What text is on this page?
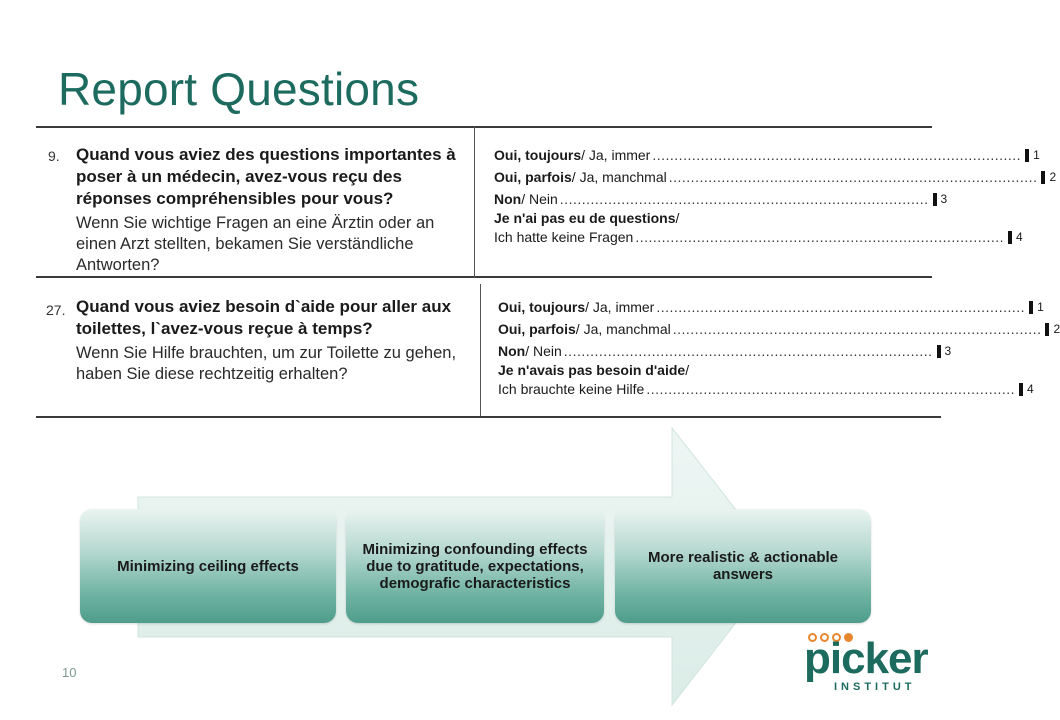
Report Questions
9. Quand vous aviez des questions importantes à poser à un médecin, avez-vous reçu des réponses compréhensibles pour vous?
Wenn Sie wichtige Fragen an eine Ärztin oder an einen Arzt stellten, bekamen Sie verständliche Antworten?
Oui, toujours / Ja, immer .................................................................................... 1
Oui, parfois / Ja, manchmal .................................................................................... 2
Non / Nein .................................................................................... 3
Je n'ai pas eu de questions /
Ich hatte keine Fragen .................................................................................... 4
27. Quand vous aviez besoin d`aide pour aller aux toilettes, l`avez-vous reçue à temps?
Wenn Sie Hilfe brauchten, um zur Toilette zu gehen, haben Sie diese rechtzeitig erhalten?
Oui, toujours / Ja, immer .................................................................................... 1
Oui, parfois / Ja, manchmal .................................................................................... 2
Non / Nein .................................................................................... 3
Je n'avais pas besoin d'aide /
Ich brauchte keine Hilfe .................................................................................... 4
Minimizing ceiling effects
Minimizing confounding effects due to gratitude, expectations, demografic characteristics
More realistic & actionable answers
10	picker
INSTITUT
